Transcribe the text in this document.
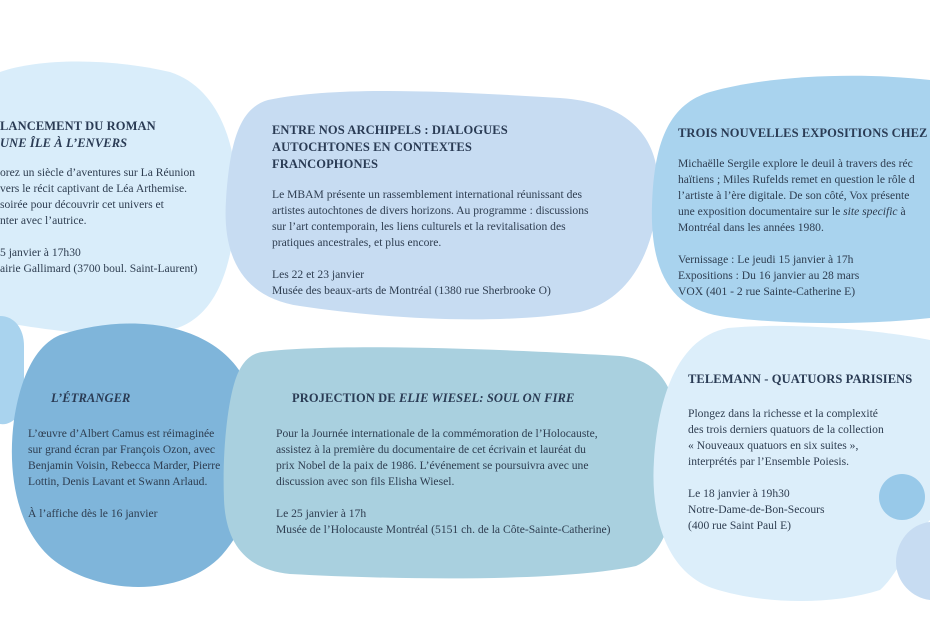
LANCEMENT DU ROMAN
UNE ÎLE À L’ENVERS

orez un siècle d’aventures sur La Réunion

vers le récit captivant de Léa Arthemise.

soirée pour découvrir cet univers et

nter avec l’autrice.

5 janvier à 17h30

airie Gallimard (3700 boul. Saint-Laurent)

ENTRE NOS ARCHIPELS : DIALOGUES
AUTOCHTONES EN CONTEXTES
FRANCOPHONES

Le MBAM présente un rassemblement international réunissant des

artistes autochtones de divers horizons. Au programme : discussions

sur l’art contemporain, les liens culturels et la revitalisation des

pratiques ancestrales, et plus encore.

Les 22 et 23 janvier

Musée des beaux-arts de Montréal (1380 rue Sherbrooke O)

TROIS NOUVELLES EXPOSITIONS CHEZ

Michaëlle Sergile explore le deuil à travers des réc

haïtiens ; Miles Rufelds remet en question le rôle d

l’artiste à l’ère digitale. De son côté, Vox présente

une exposition documentaire sur le site specific à

Montréal dans les années 1980.

Vernissage : Le jeudi 15 janvier à 17h

Expositions : Du 16 janvier au 28 mars

VOX (401 - 2 rue Sainte-Catherine E)

L’ÉTRANGER

L’œuvre d’Albert Camus est réimaginée

sur grand écran par François Ozon, avec

Benjamin Voisin, Rebecca Marder, Pierre

Lottin, Denis Lavant et Swann Arlaud.

À l’affiche dès le 16 janvier

PROJECTION DE ELIE WIESEL: SOUL ON FIRE

Pour la Journée internationale de la commémoration de l’Holocauste,

assistez à la première du documentaire de cet écrivain et lauréat du

prix Nobel de la paix de 1986. L’événement se poursuivra avec une

discussion avec son fils Elisha Wiesel.

Le 25 janvier à 17h

Musée de l’Holocauste Montréal (5151 ch. de la Côte-Sainte-Catherine)

TELEMANN - QUATUORS PARISIENS

Plongez dans la richesse et la complexité

des trois derniers quatuors de la collection

« Nouveaux quatuors en six suites »,

interprétés par l’Ensemble Poiesis.

Le 18 janvier à 19h30

Notre-Dame-de-Bon-Secours

(400 rue Saint Paul E)
